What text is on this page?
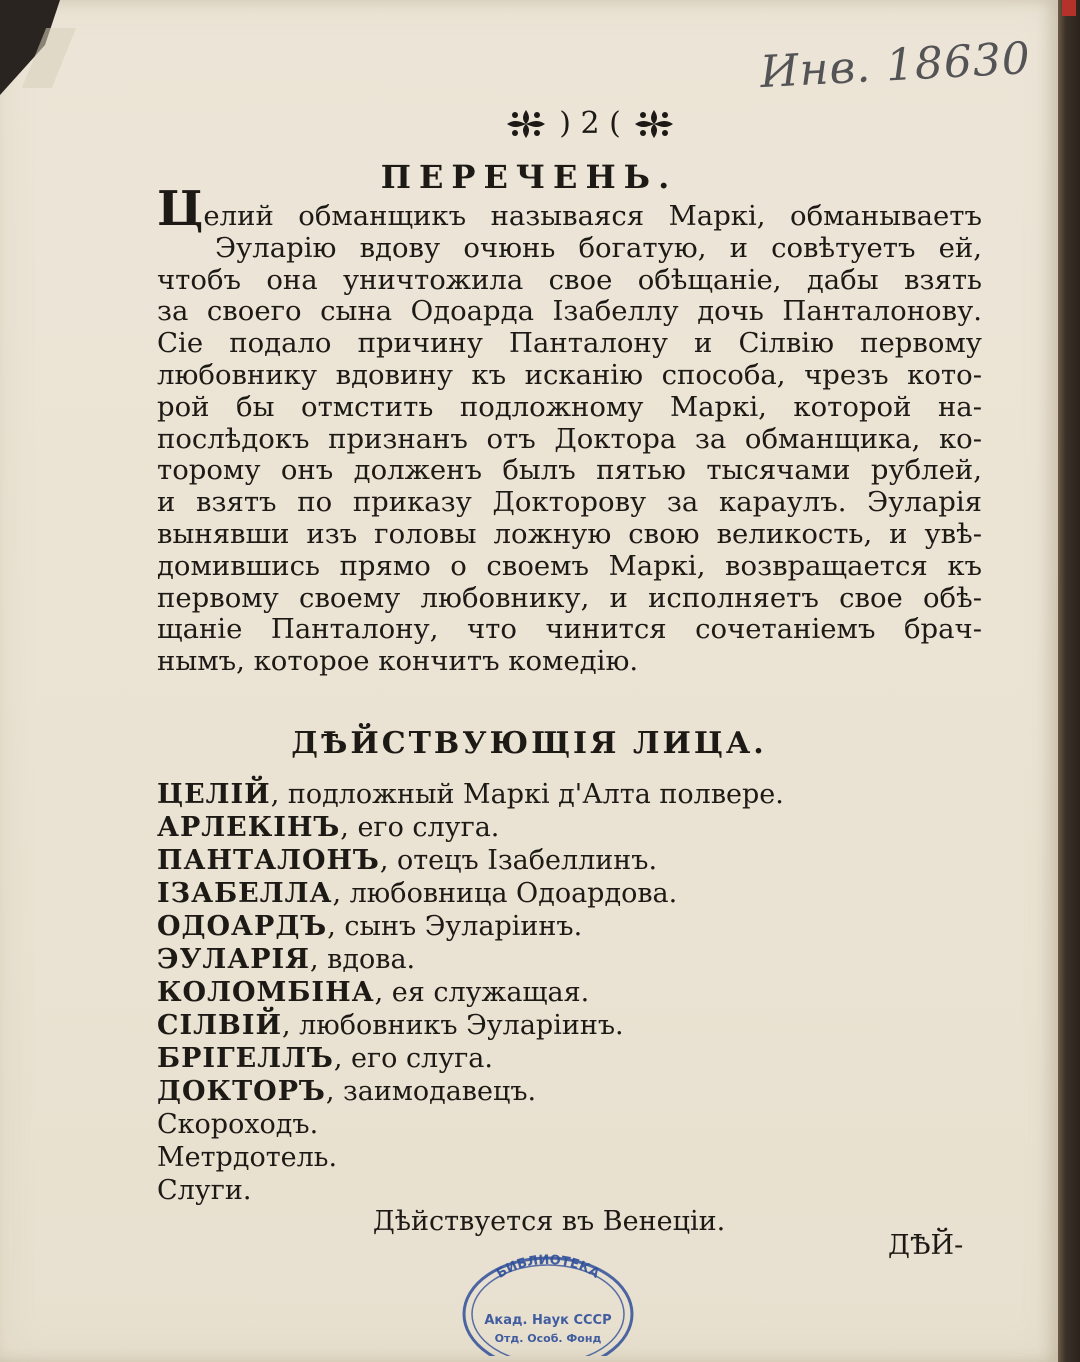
Инв. 18630
) 2 (
ПЕРЕЧЕНЬ.
Целий обманщикъ называяся Маркі, обманываетъ
Эуларію вдову очюнь богатую, и совѣтуетъ ей,
чтобъ она уничтожила свое обѣщаніе, дабы взять
за своего сына Одоарда Ізабеллу дочь Панталонову.
Сіе подало причину Панталону и Сілвію первому
любовнику вдовину къ исканію способа, чрезъ кото-
рой бы отмстить подложному Маркі, которой на-
послѣдокъ признанъ отъ Доктора за обманщика, ко-
торому онъ долженъ былъ пятью тысячами рублей,
и взятъ по приказу Докторову за караулъ. Эуларія
вынявши изъ головы ложную свою великость, и увѣ-
домившись прямо о своемъ Маркі, возвращается къ
первому своему любовнику, и исполняетъ свое обѣ-
щаніе Панталону, что чинится сочетаніемъ брач-
нымъ, которое кончитъ комедію.
ДѢЙСТВУЮЩІЯ ЛИЦА.
ЦЕЛІЙ, подложный Маркі д'Алта полвере.
АРЛЕКІНЪ, его слуга.
ПАНТАЛОНЪ, отецъ Ізабеллинъ.
ІЗАБЕЛЛА, любовница Одоардова.
ОДОАРДЪ, сынъ Эуларіинъ.
ЭУЛАРІЯ, вдова.
КОЛОМБІНА, ея служащая.
СІЛВІЙ, любовникъ Эуларіинъ.
БРІГЕЛЛЪ, его слуга.
ДОКТОРЪ, заимодавецъ.
Скороходъ.
Метрдотель.
Слуги.
Дѣйствуется въ Венеціи.
ДѢЙ-
БИБЛИОТЕКА
Акад. Наук СССР
Отд. Особ. Фонд
